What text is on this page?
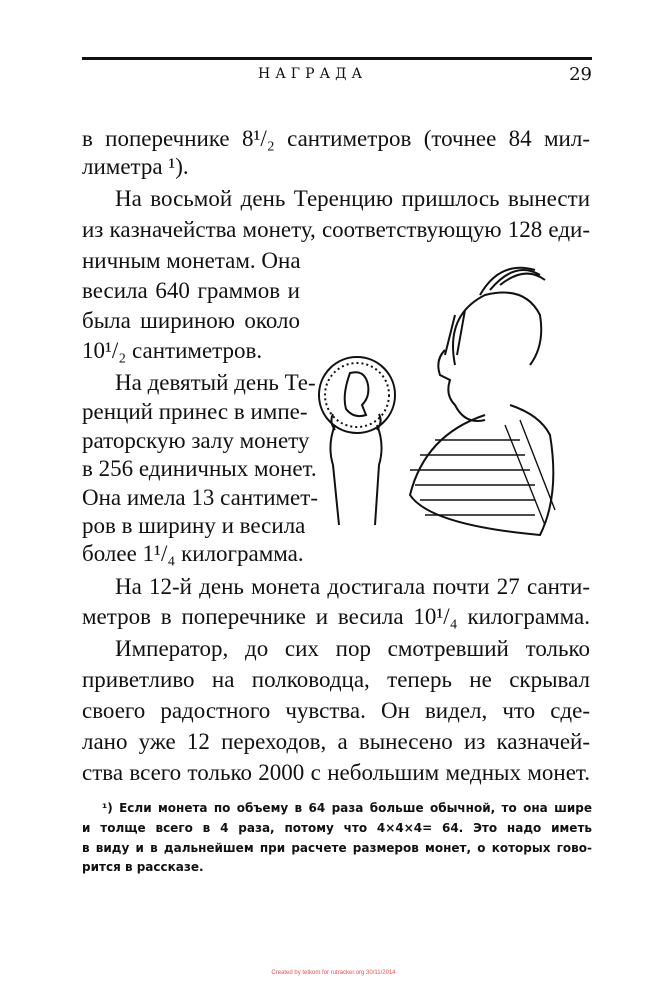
НАГРАДА	29
в поперечнике 8¹/₂ сантиметров (точнее 84 мил-
лиметра ¹).
На восьмой день Теренцию пришлось вынести
из казначейства монету, соответствующую 128 еди-
ничным монетам. Она
весила 640 граммов и
была шириною около
10¹/₂ сантиметров.
На девятый день Те-
ренций принес в импе-
раторскую залу монету
в 256 единичных монет.
Она имела 13 сантимет-
ров в ширину и весила
более 1¹/₄ килограмма.
На 12-й день монета достигала почти 27 санти-
метров в поперечнике и весила 10¹/₄ килограмма.
Император, до сих пор смотревший только
приветливо на полководца, теперь не скрывал
своего радостного чувства. Он видел, что сде-
лано уже 12 переходов, а вынесено из казначей-
ства всего только 2000 с небольшим медных монет.
¹) Если монета по объему в 64 раза больше обычной, то она шире
и толще всего в 4 раза, потому что 4×4×4= 64. Это надо иметь
в виду и в дальнейшем при расчете размеров монет, о которых гово-
рится в рассказе.
Created by tetkom for rutracker.org 30/11/2014
